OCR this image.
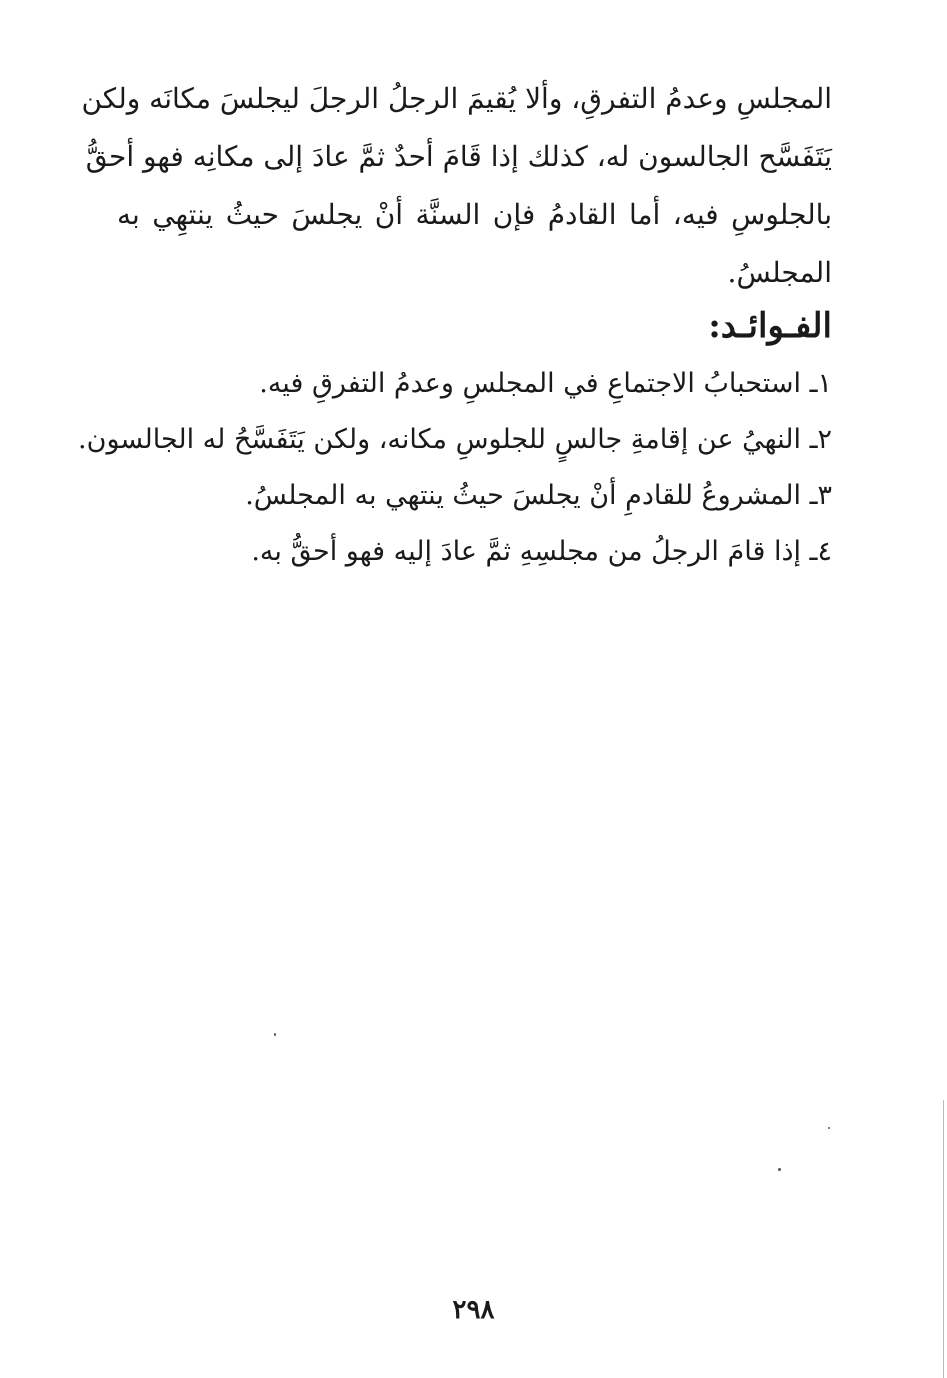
المجلسِ وعدمُ التفرقِ، وألا يُقيمَ الرجلُ الرجلَ ليجلسَ مكانَه ولكن
يَتَفَسَّح الجالسون له، كذلك إذا قَامَ أحدٌ ثمَّ عادَ إلى مكانِه فهو أحقُّ
بالجلوسِ فيه، أما القادمُ فإن السنَّة أنْ يجلسَ حيثُ ينتهِي به
المجلسُ.
الفـوائـد:
١ـ استحبابُ الاجتماعِ في المجلسِ وعدمُ التفرقِ فيه.
٢ـ النهيُ عن إقامةِ جالسٍ للجلوسِ مكانه، ولكن يَتَفَسَّحُ له الجالسون.
٣ـ المشروعُ للقادمِ أنْ يجلسَ حيثُ ينتهي به المجلسُ.
٤ـ إذا قامَ الرجلُ من مجلسِهِ ثمَّ عادَ إليه فهو أحقُّ به.
٢٩٨
